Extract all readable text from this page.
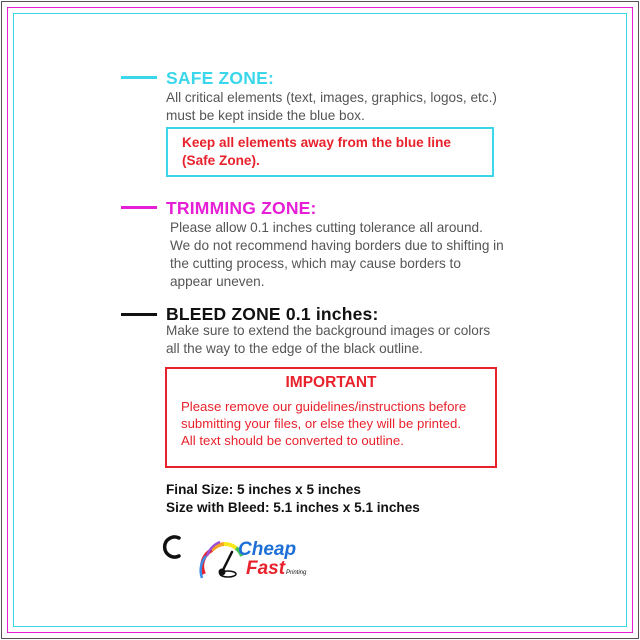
SAFE ZONE:
All critical elements (text, images, graphics, logos, etc.)
must be kept inside the blue box.
Keep all elements away from the blue line
(Safe Zone).
TRIMMING ZONE:
Please allow 0.1 inches cutting tolerance all around.
We do not recommend having borders due to shifting in
the cutting process, which may cause borders to
appear uneven.
BLEED ZONE 0.1 inches:
Make sure to extend the background images or colors
all the way to the edge of the black outline.
IMPORTANT
Please remove our guidelines/instructions before
submitting your files, or else they will be printed.
All text should be converted to outline.
Final Size: 5 inches x 5 inches
Size with Bleed: 5.1 inches x 5.1 inches
Cheap
Fast Printing
